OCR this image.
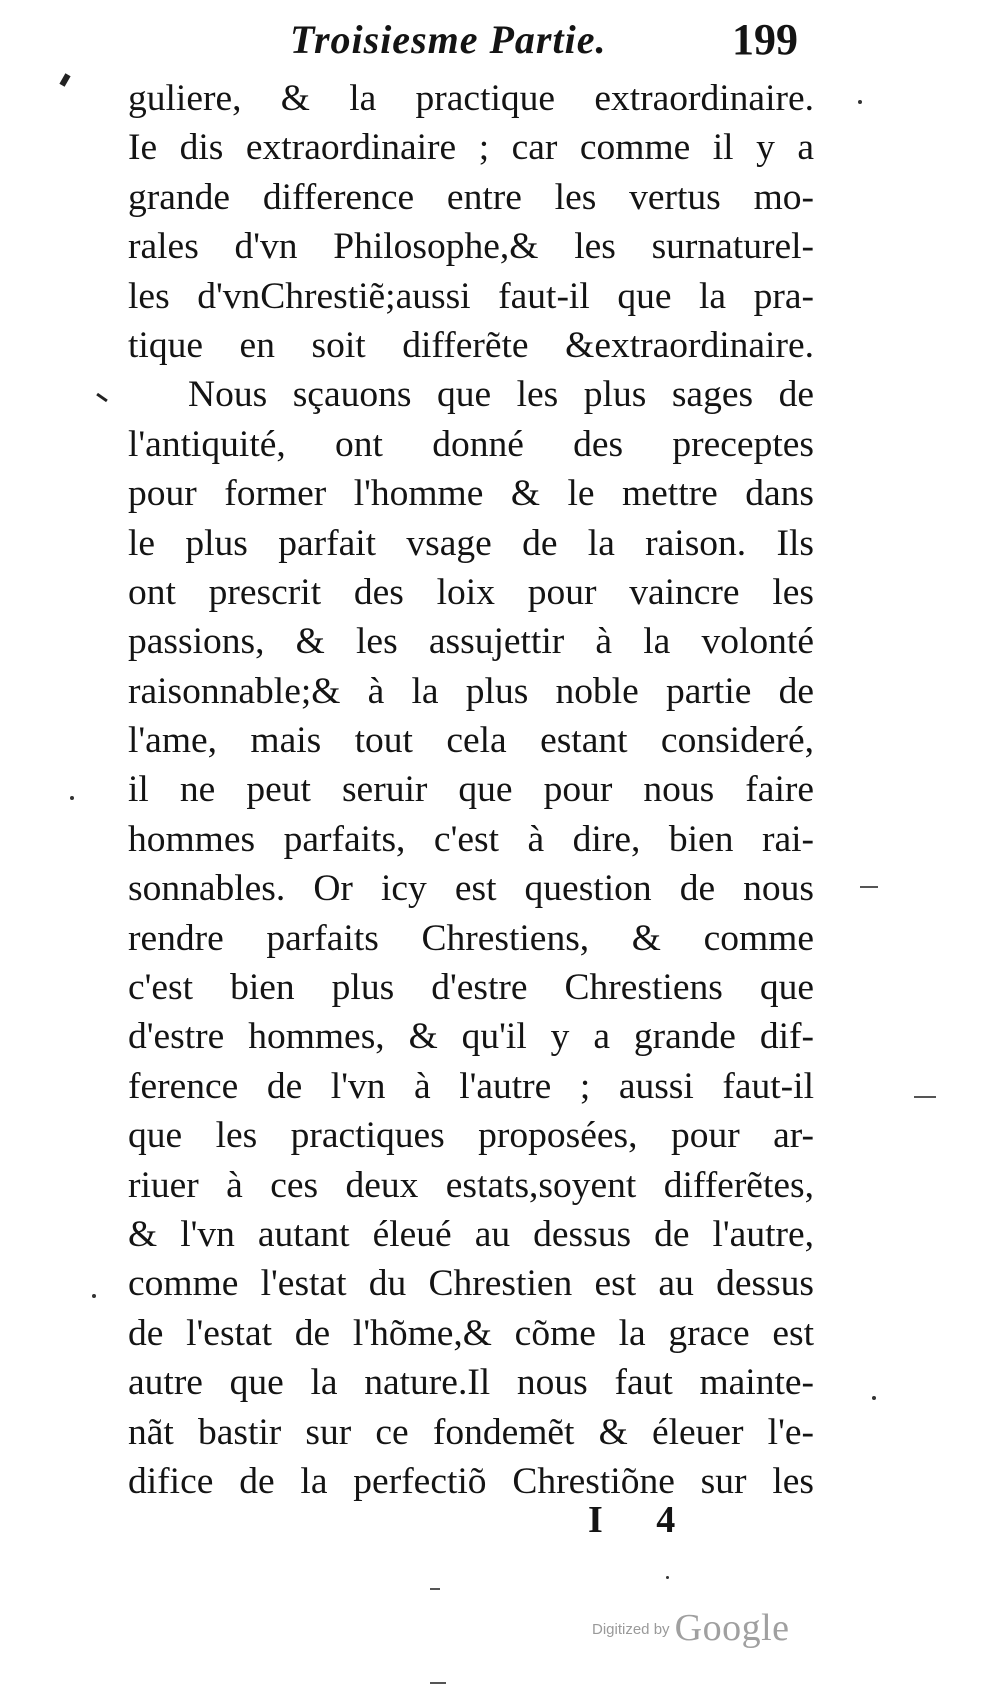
Troisiesme Partie.	199
guliere, & la practique extraordinaire.
Ie dis extraordinaire ; car comme il y a
grande difference entre les vertus mo-
rales d'vn Philosophe,& les surnaturel-
les d'vnChrestiẽ;aussi faut-il que la pra-
tique en soit differẽte &extraordinaire.
Nous sçauons que les plus sages de
l'antiquité, ont donné des preceptes
pour former l'homme & le mettre dans
le plus parfait vsage de la raison. Ils
ont prescrit des loix pour vaincre les
passions, & les assujettir à la volonté
raisonnable;& à la plus noble partie de
l'ame, mais tout cela estant consideré,
il ne peut seruir que pour nous faire
hommes parfaits, c'est à dire, bien rai-
sonnables. Or icy est question de nous
rendre parfaits Chrestiens, & comme
c'est bien plus d'estre Chrestiens que
d'estre hommes, & qu'il y a grande dif-
ference de l'vn à l'autre ; aussi faut-il
que les practiques proposées, pour ar-
riuer à ces deux estats,soyent differẽtes,
& l'vn autant éleué au dessus de l'autre,
comme l'estat du Chrestien est au dessus
de l'estat de l'hõme,& cõme la grace est
autre que la nature.Il nous faut mainte-
nãt bastir sur ce fondemẽt & éleuer l'e-
difice de la perfectiõ Chrestiõne sur les
I 4
Digitized by Google
